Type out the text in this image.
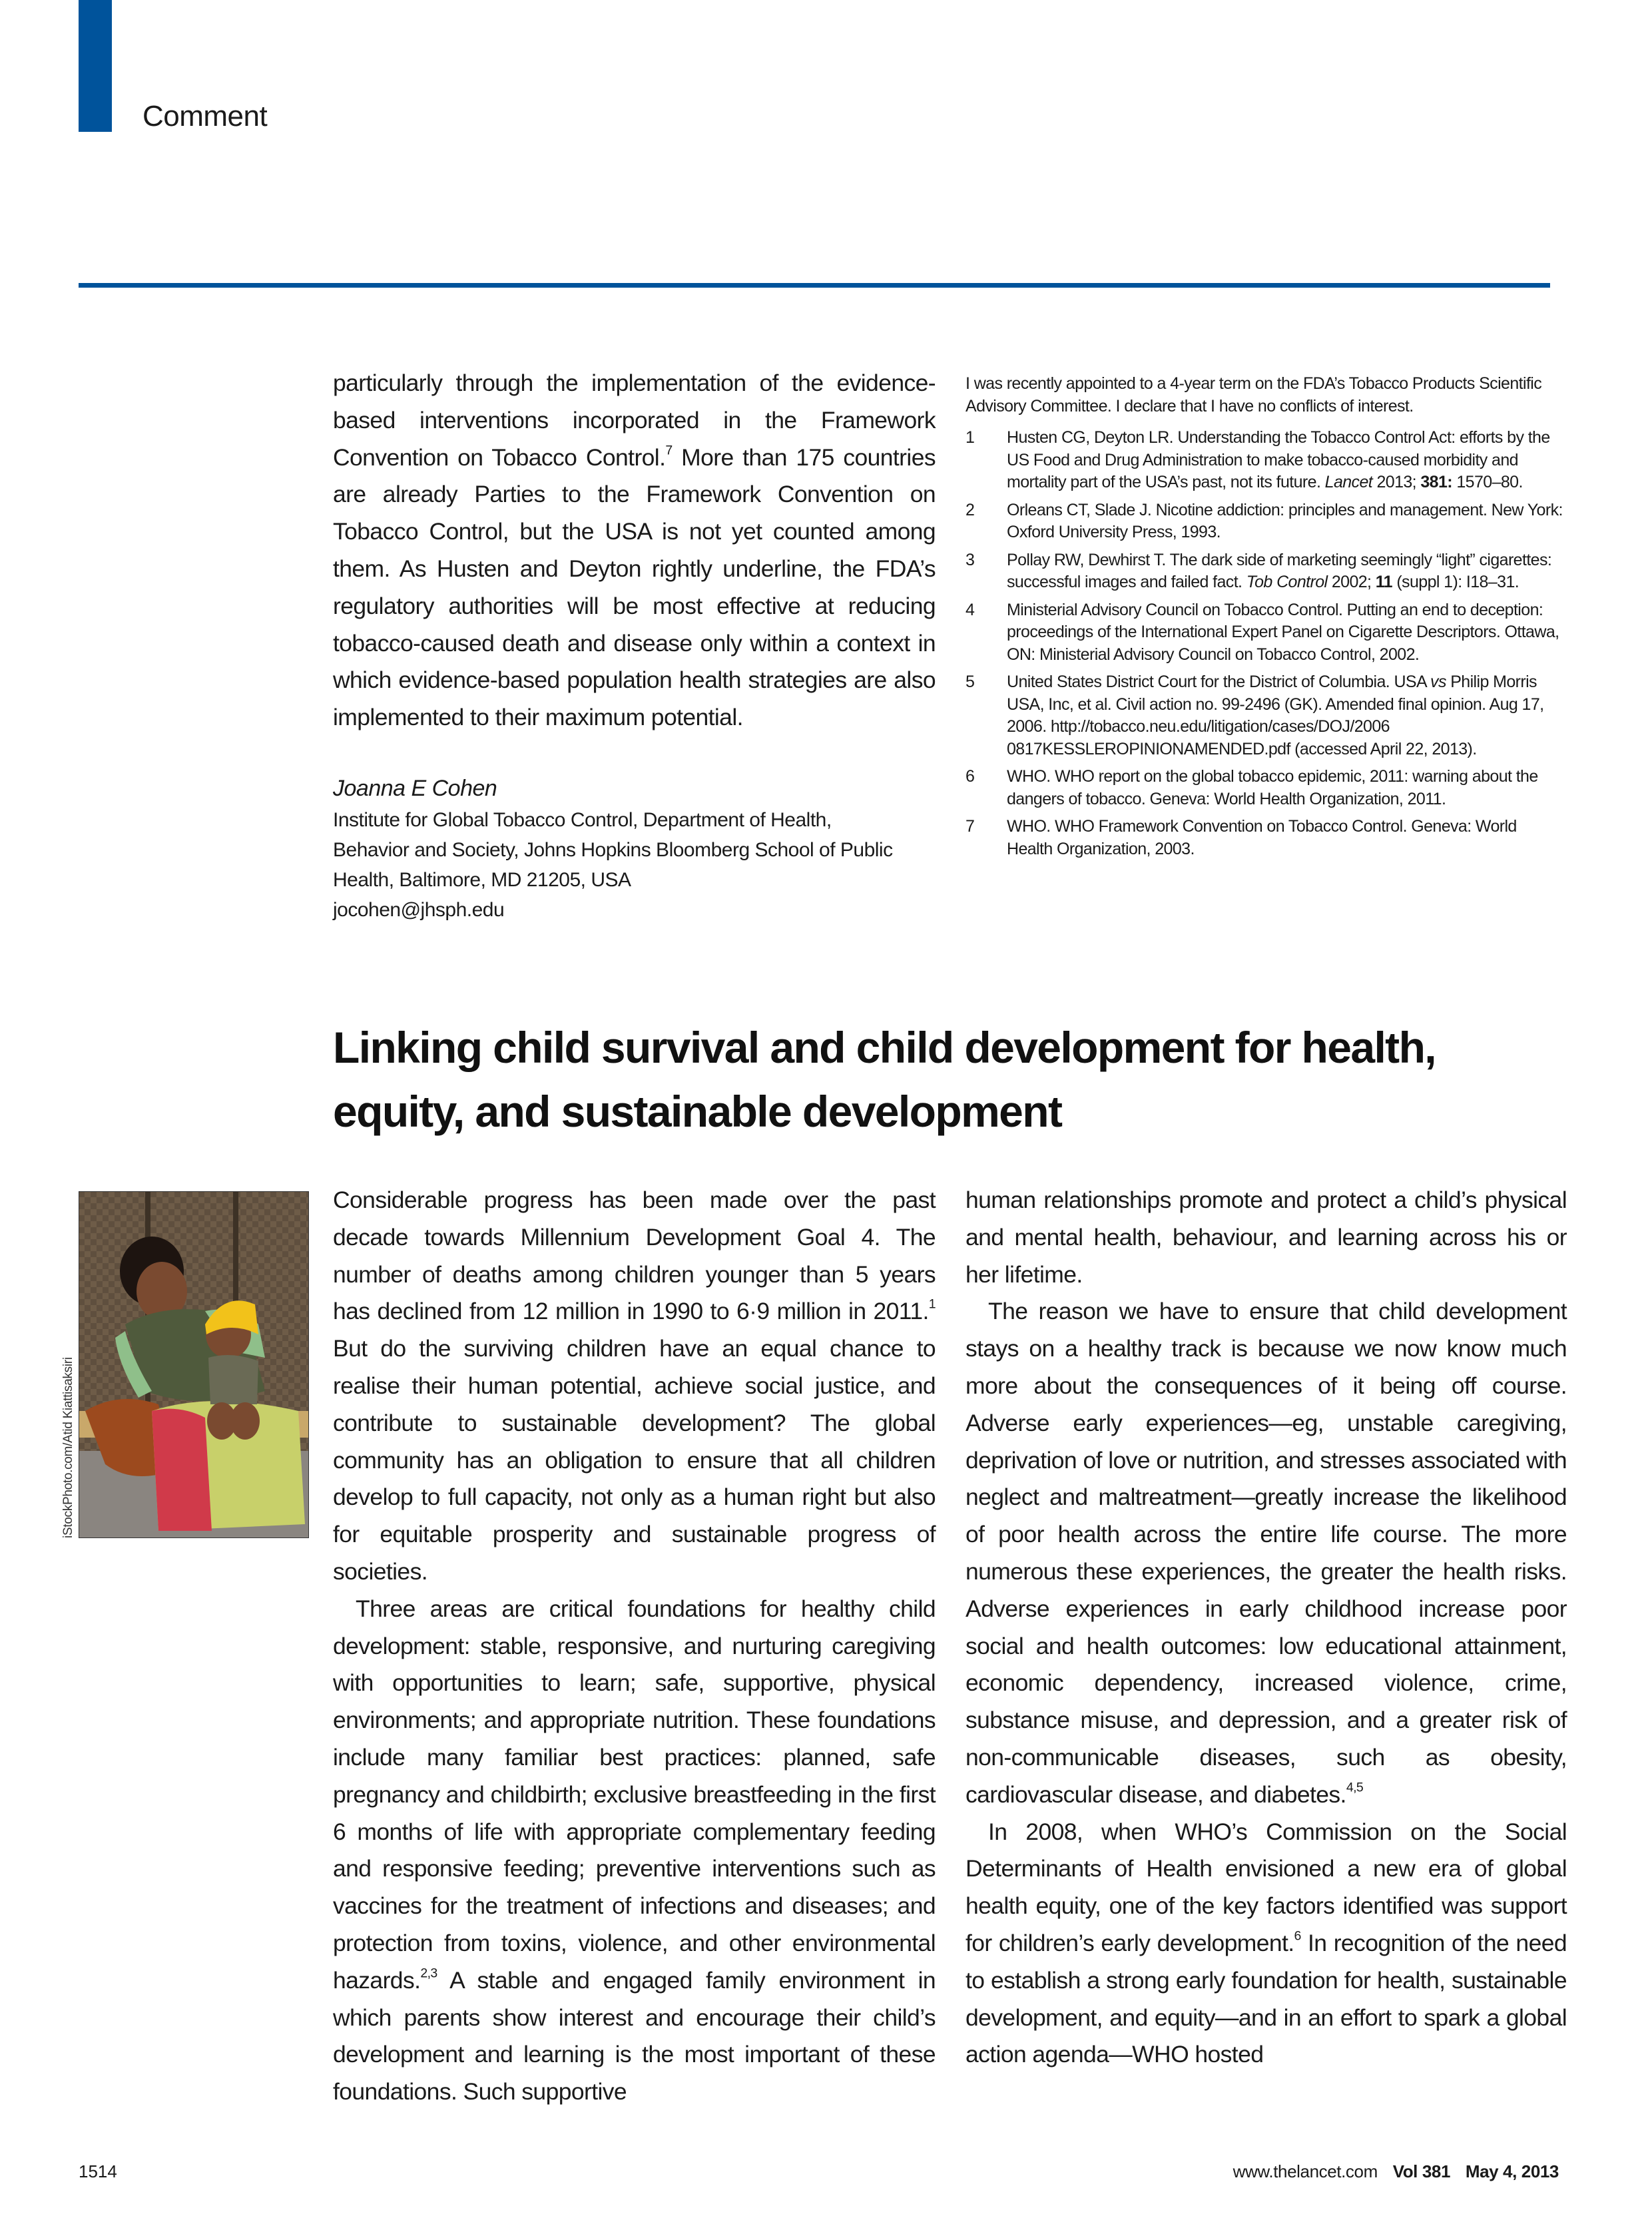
Comment

particularly through the implementation of the evidence-based interventions incorporated in the Framework Convention on Tobacco Control.$^7$ More than 175 countries are already Parties to the Framework Convention on Tobacco Control, but the USA is not yet counted among them. As Husten and Deyton rightly underline, the FDA’s regulatory authorities will be most effective at reducing tobacco-caused death and disease only within a context in which evidence-based population health strategies are also implemented to their maximum potential.

Joanna E Cohen
Institute for Global Tobacco Control, Department of Health,
Behavior and Society, Johns Hopkins Bloomberg School of Public
Health, Baltimore, MD 21205, USA
jocohen@jhsph.edu
I was recently appointed to a 4-year term on the FDA’s Tobacco Products Scientific Advisory Committee. I declare that I have no conflicts of interest.
1	Husten CG, Deyton LR. Understanding the Tobacco Control Act: efforts by the US Food and Drug Administration to make tobacco-caused morbidity and mortality part of the USA’s past, not its future. Lancet 2013; 381: 1570–80.
2	Orleans CT, Slade J. Nicotine addiction: principles and management. New York: Oxford University Press, 1993.
3	Pollay RW, Dewhirst T. The dark side of marketing seemingly “light” cigarettes: successful images and failed fact. Tob Control 2002; 11 (suppl 1): I18–31.
4	Ministerial Advisory Council on Tobacco Control. Putting an end to deception: proceedings of the International Expert Panel on Cigarette Descriptors. Ottawa, ON: Ministerial Advisory Council on Tobacco Control, 2002.
5	United States District Court for the District of Columbia. USA vs Philip Morris USA, Inc, et al. Civil action no. 99-2496 (GK). Amended final opinion. Aug 17, 2006. http://tobacco.neu.edu/litigation/cases/DOJ/2006 0817KESSLEROPINIONAMENDED.pdf (accessed April 22, 2013).
6	WHO. WHO report on the global tobacco epidemic, 2011: warning about the dangers of tobacco. Geneva: World Health Organization, 2011.
7	WHO. WHO Framework Convention on Tobacco Control. Geneva: World Health Organization, 2003.
Linking child survival and child development for health,
equity, and sustainable development
iStockPhoto.com/Atid Kiattisaksiri

Considerable progress has been made over the past decade towards Millennium Development Goal 4. The number of deaths among children younger than 5 years has declined from 12 million in 1990 to 6·9 million in 2011.$^1$ But do the surviving children have an equal chance to realise their human potential, achieve social justice, and contribute to sustainable development? The global community has an obligation to ensure that all children develop to full capacity, not only as a human right but also for equitable prosperity and sustainable progress of societies.

Three areas are critical foundations for healthy child development: stable, responsive, and nurturing caregiving with opportunities to learn; safe, supportive, physical environments; and appropriate nutrition. These foundations include many familiar best practices: planned, safe pregnancy and childbirth; exclusive breastfeeding in the first 6 months of life with appropriate complementary feeding and responsive feeding; preventive interventions such as vaccines for the treatment of infections and diseases; and protection from toxins, violence, and other environmental hazards.$^{2,3}$ A stable and engaged family environment in which parents show interest and encourage their child’s development and learning is the most important of these foundations. Such supportive

human relationships promote and protect a child’s physical and mental health, behaviour, and learning across his or her lifetime.

The reason we have to ensure that child development stays on a healthy track is because we now know much more about the consequences of it being off course. Adverse early experiences—eg, unstable caregiving, deprivation of love or nutrition, and stresses associated with neglect and maltreatment—greatly increase the likelihood of poor health across the entire life course. The more numerous these experiences, the greater the health risks. Adverse experiences in early childhood increase poor social and health outcomes: low educational attainment, economic dependency, increased violence, crime, substance misuse, and depression, and a greater risk of non-communicable diseases, such as obesity, cardiovascular disease, and diabetes.$^{4,5}$

In 2008, when WHO’s Commission on the Social Determinants of Health envisioned a new era of global health equity, one of the key factors identified was support for children’s early development.$^6$ In recognition of the need to establish a strong early foundation for health, sustainable development, and equity—and in an effort to spark a global action agenda—WHO hosted

1514	www.thelancet.com Vol 381 May 4, 2013
